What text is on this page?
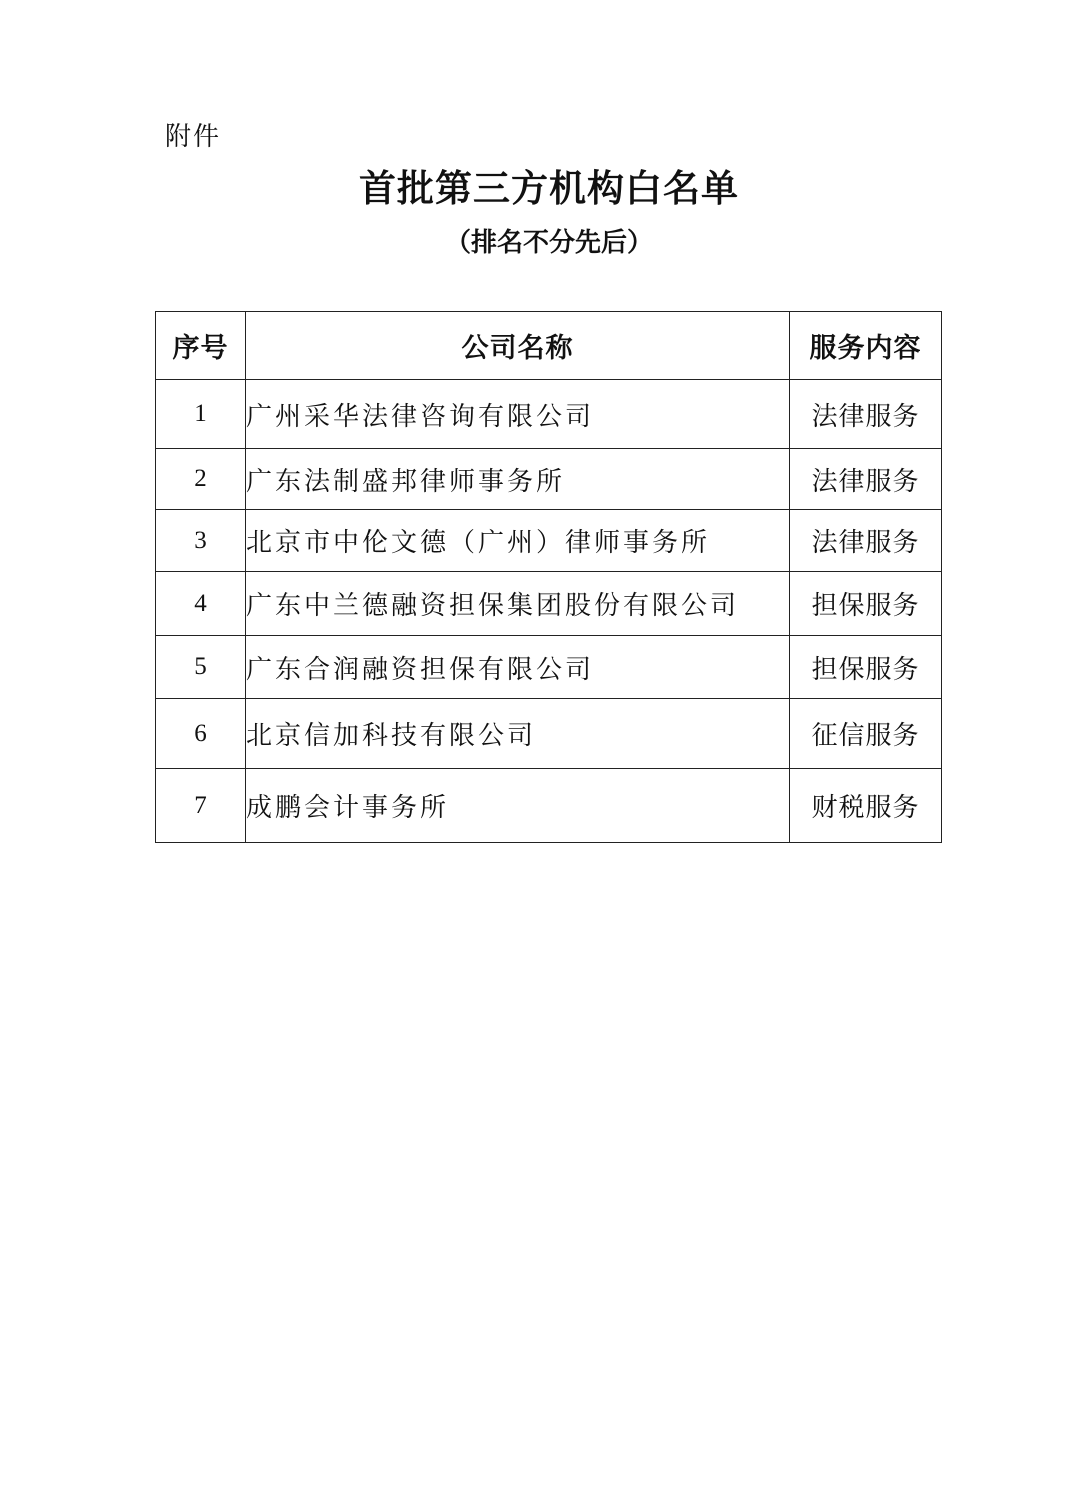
附件
首批第三方机构白名单
（排名不分先后）
序号	公司名称	服务内容
1	广州采华法律咨询有限公司	法律服务
2	广东法制盛邦律师事务所	法律服务
3	北京市中伦文德（广州）律师事务所	法律服务
4	广东中兰德融资担保集团股份有限公司	担保服务
5	广东合润融资担保有限公司	担保服务
6	北京信加科技有限公司	征信服务
7	成鹏会计事务所	财税服务
